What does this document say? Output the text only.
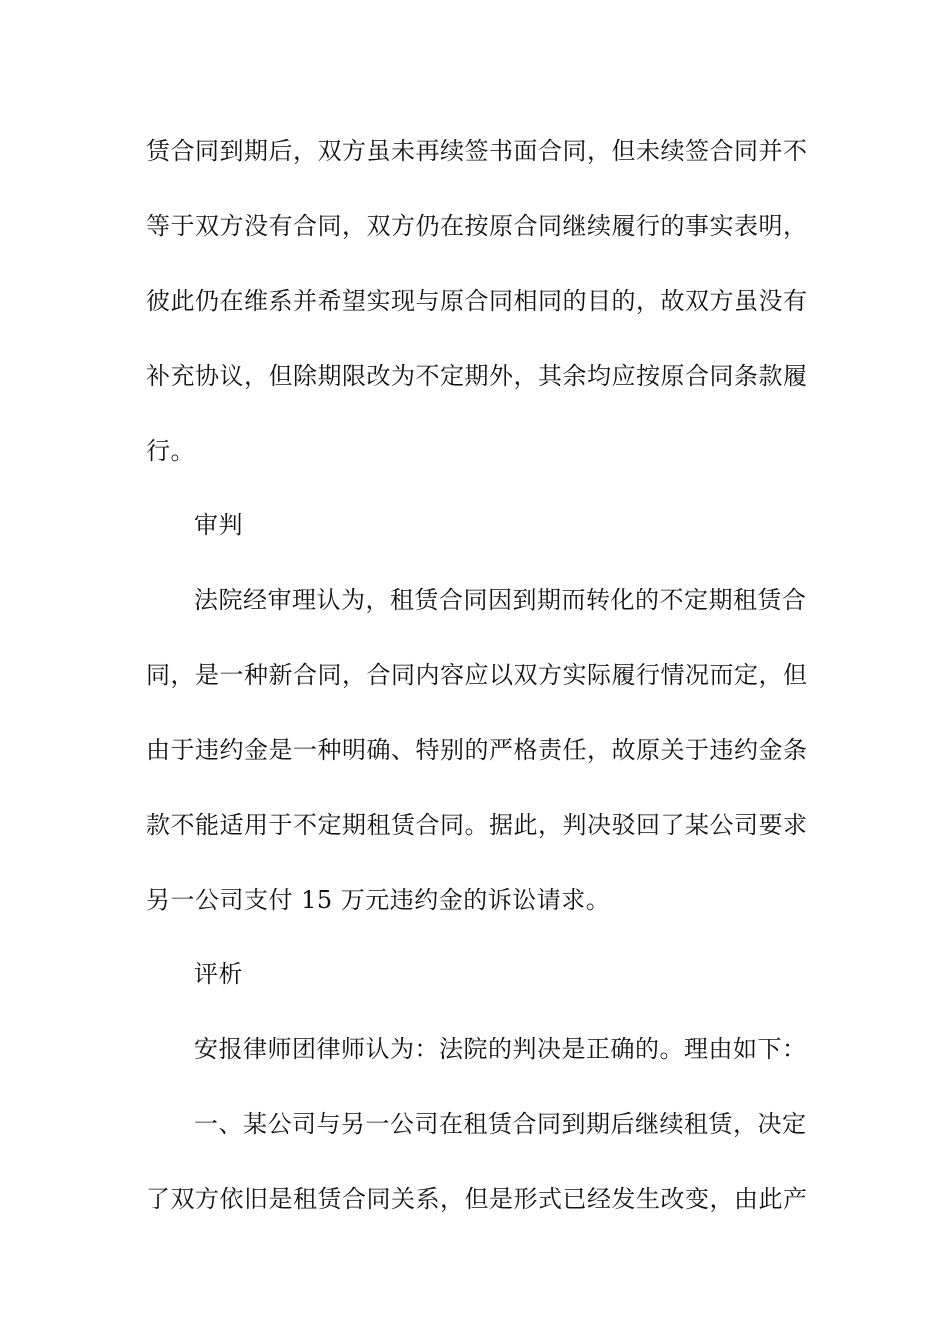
赁合同到期后，双方虽未再续签书面合同，但未续签合同并不
等于双方没有合同，双方仍在按原合同继续履行的事实表明，
彼此仍在维系并希望实现与原合同相同的目的，故双方虽没有
补充协议，但除期限改为不定期外，其余均应按原合同条款履
行。
审判
法院经审理认为，租赁合同因到期而转化的不定期租赁合
同，是一种新合同，合同内容应以双方实际履行情况而定，但
由于违约金是一种明确、特别的严格责任，故原关于违约金条
款不能适用于不定期租赁合同。据此，判决驳回了某公司要求
另一公司支付 15 万元违约金的诉讼请求。
评析
安报律师团律师认为：法院的判决是正确的。理由如下：
一、某公司与另一公司在租赁合同到期后继续租赁，决定
了双方依旧是租赁合同关系，但是形式已经发生改变，由此产
